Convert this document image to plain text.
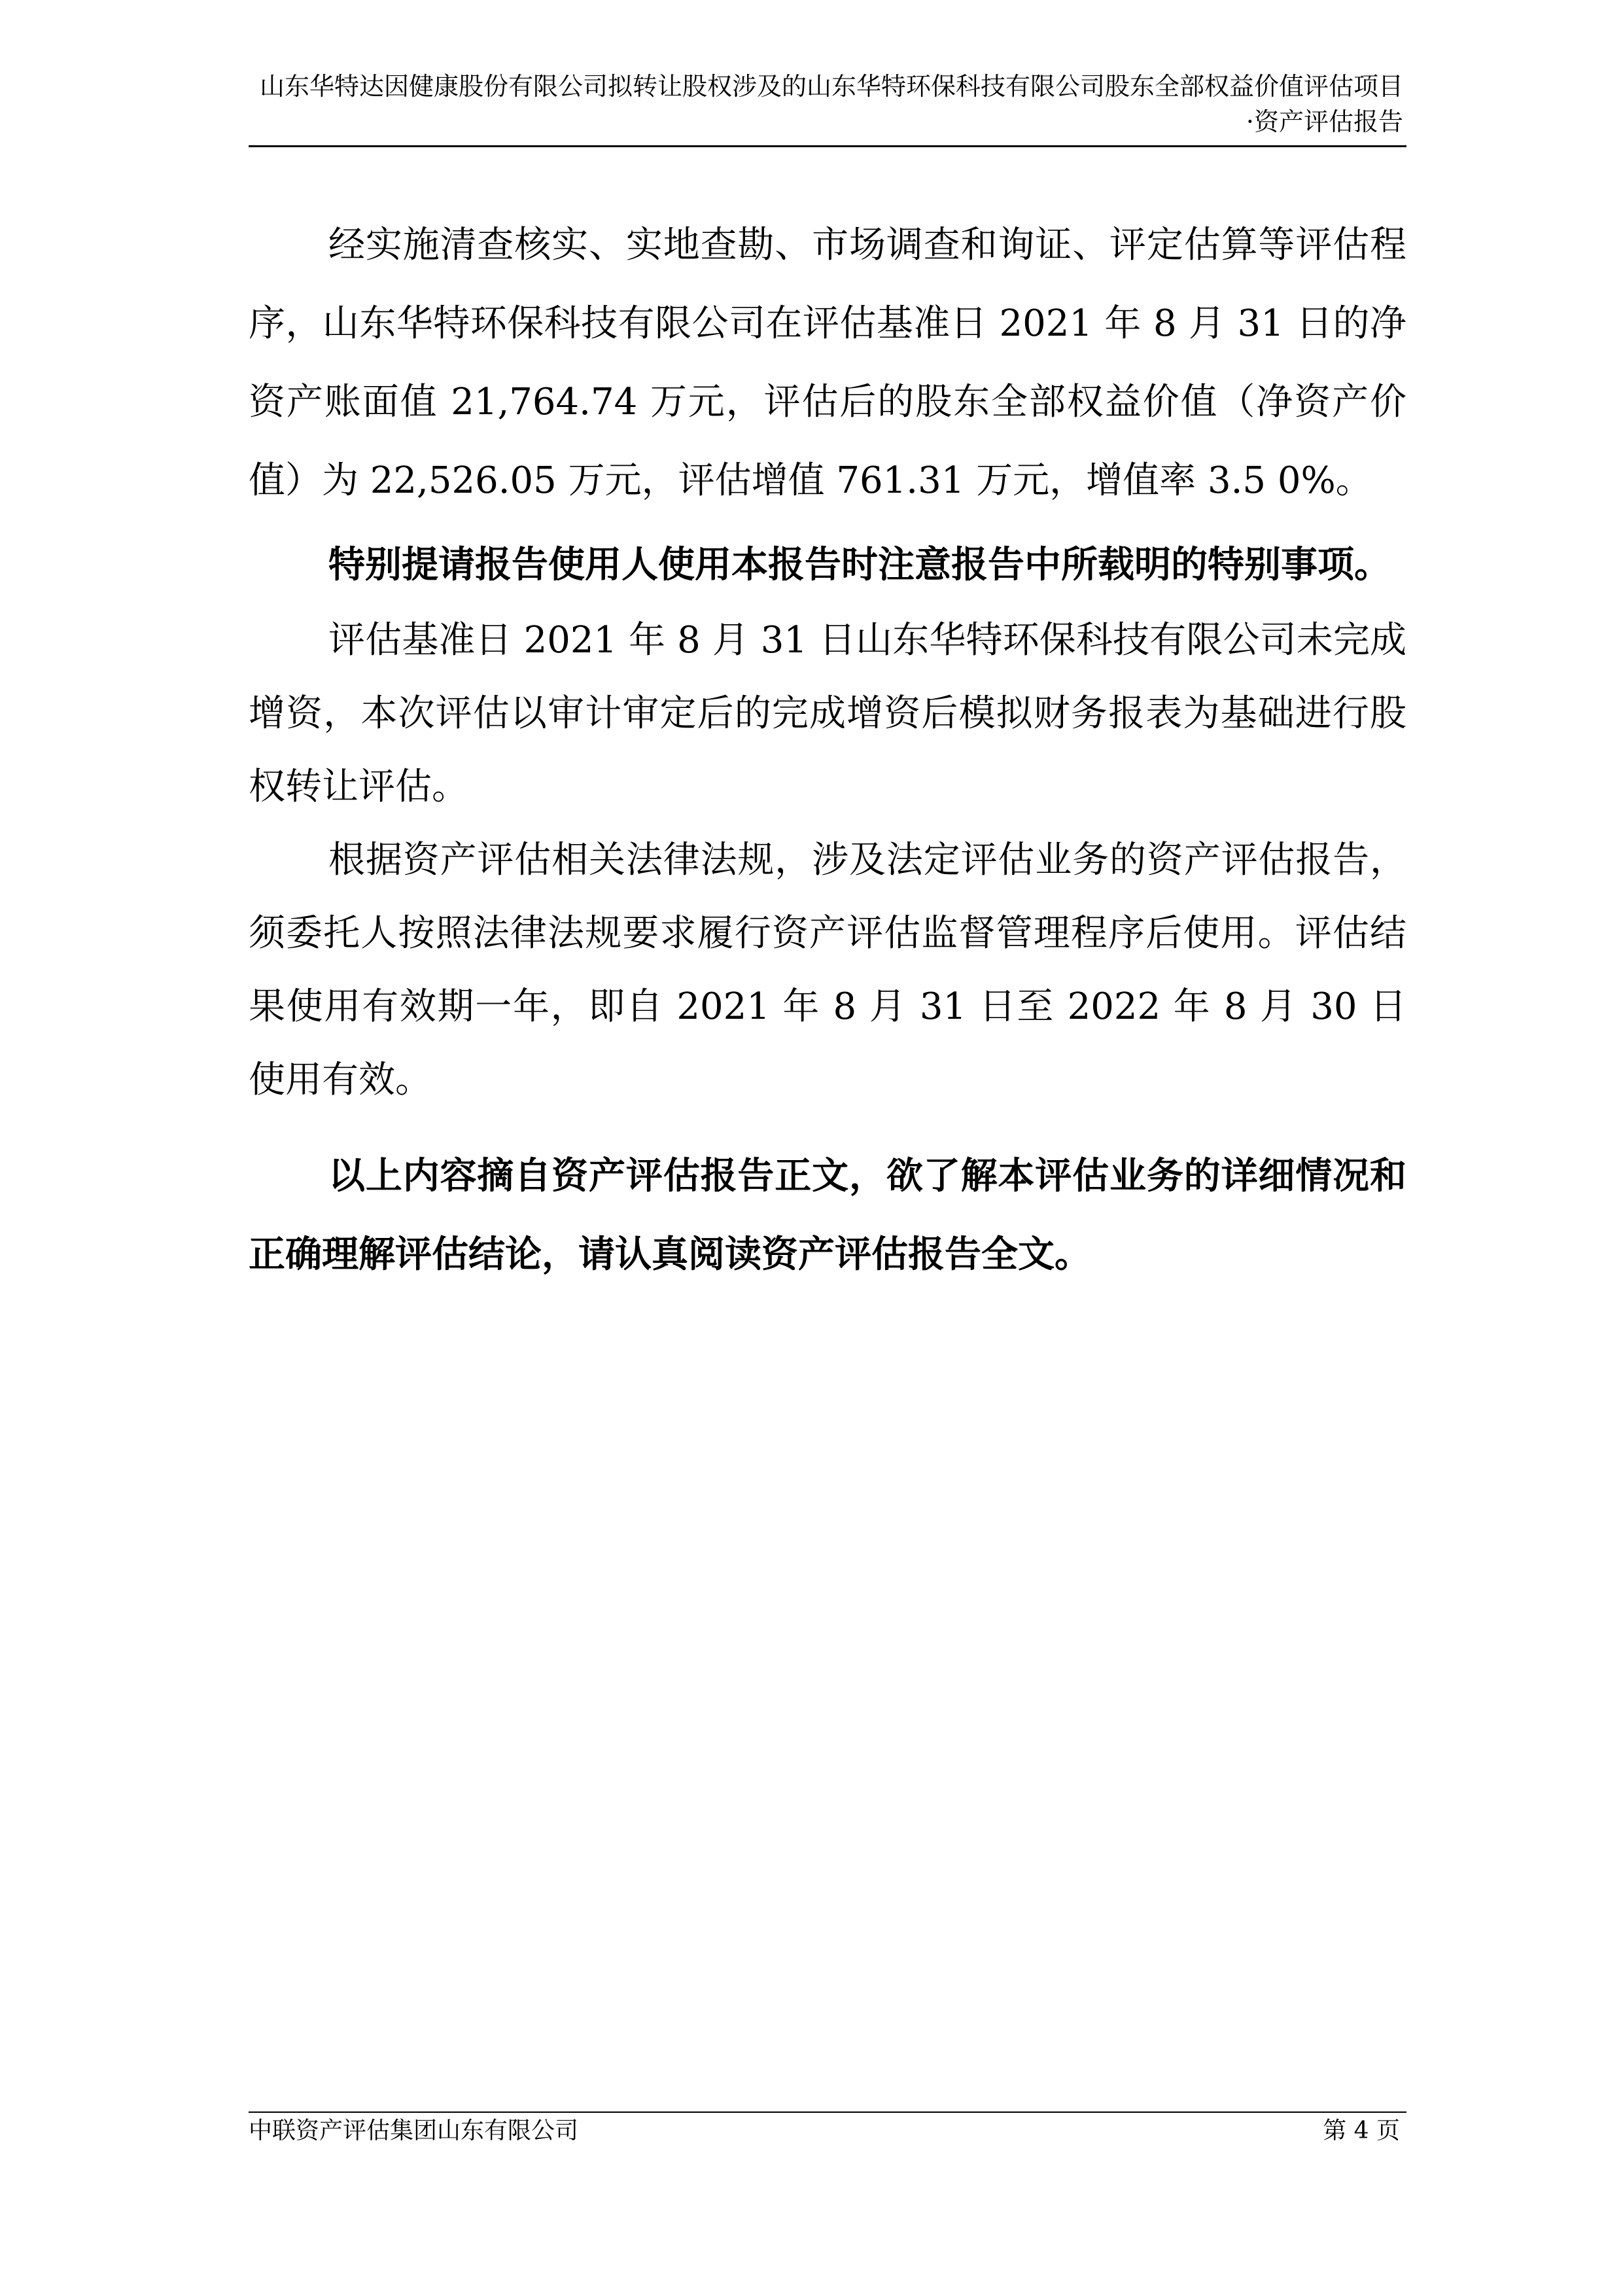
山东华特达因健康股份有限公司拟转让股权涉及的山东华特环保科技有限公司股东全部权益价值评估项目
·资产评估报告

经实施清查核实、实地查勘、市场调查和询证、评定估算等评估程序，山东华特环保科技有限公司在评估基准日 2021 年 8 月 31 日的净资产账面值 21,764.74 万元，评估后的股东全部权益价值（净资产价值）为 22,526.05 万元，评估增值 761.31 万元，增值率 3.5 0%。

特别提请报告使用人使用本报告时注意报告中所载明的特别事项。

评估基准日 2021 年 8 月 31 日山东华特环保科技有限公司未完成增资，本次评估以审计审定后的完成增资后模拟财务报表为基础进行股权转让评估。

根据资产评估相关法律法规，涉及法定评估业务的资产评估报告，须委托人按照法律法规要求履行资产评估监督管理程序后使用。评估结果使用有效期一年，即自 2021 年 8 月 31 日至 2022 年 8 月 30 日使用有效。

以上内容摘自资产评估报告正文，欲了解本评估业务的详细情况和正确理解评估结论，请认真阅读资产评估报告全文。

中联资产评估集团山东有限公司	第 4 页
